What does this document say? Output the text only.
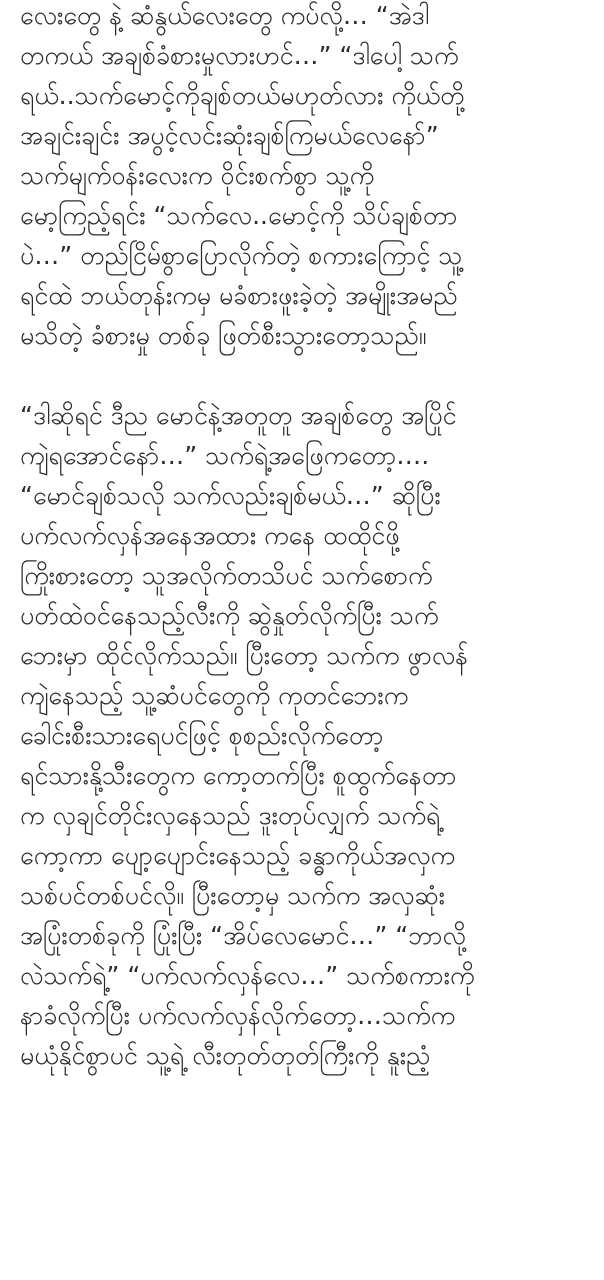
လေးတွေ နဲ့ ဆံနွယ်လေးတွေ ကပ်လို့… “အဲဒါ
တကယ် အချစ်ခံစားမှုလားဟင်…” “ဒါပေါ့ သက်
ရယ်..သက်မောင့်ကိုချစ်တယ်မဟုတ်လား ကိုယ်တို့
အချင်းချင်း အပွင့်လင်းဆုံးချစ်ကြမယ်လေနော်”
သက်မျက်ဝန်းလေးက ဝိုင်းစက်စွာ သူ့ကို
မော့ကြည့်ရင်း “သက်လေ..မောင့်ကို သိပ်ချစ်တာ
ပဲ…” တည်ငြိမ်စွာပြောလိုက်တဲ့ စကားကြောင့် သူ့
ရင်ထဲ ဘယ်တုန်းကမှ မခံစားဖူးခဲ့တဲ့ အမျိုးအမည်
မသိတဲ့ ခံစားမှု တစ်ခု ဖြတ်စီးသွားတော့သည်။
“ဒါဆိုရင် ဒီည မောင်နဲ့အတူတူ အချစ်တွေ အပြိုင်
ကျဲရအောင်နော်…” သက်ရဲ့အဖြေကတော့….
“မောင်ချစ်သလို သက်လည်းချစ်မယ်…” ဆိုပြီး
ပက်လက်လှန်အနေအထား ကနေ ထထိုင်ဖို့
ကြိုးစားတော့ သူအလိုက်တသိပင် သက်စောက်
ပတ်ထဲဝင်နေသည့်လီးကို ဆွဲနှုတ်လိုက်ပြီး သက်
ဘေးမှာ ထိုင်လိုက်သည်။ ပြီးတော့ သက်က ဖွာလန်
ကျဲနေသည့် သူ့ဆံပင်တွေကို ကုတင်ဘေးက
ခေါင်းစီးသားရေပင်ဖြင့် စုစည်းလိုက်တော့
ရင်သားနို့သီးတွေက ကော့တက်ပြီး စူထွက်နေတာ
က လှချင်တိုင်းလှနေသည် ဒူးတုပ်လျှက် သက်ရဲ့
ကော့ကာ ပျော့ပျောင်းနေသည့် ခန္ဓာကိုယ်အလှက
သစ်ပင်တစ်ပင်လို။ ပြီးတော့မှ သက်က အလှဆုံး
အပြုံးတစ်ခုကို ပြုံးပြီး “အိပ်လေမောင်…” “ဘာလို့
လဲသက်ရဲ့” “ပက်လက်လှန်လေ…” သက်စကားကို
နာခံလိုက်ပြီး ပက်လက်လှန်လိုက်တော့…သက်က
မယုံနိုင်စွာပင် သူ့ရဲ့ လီးတုတ်တုတ်ကြီးကို နူးညံ့
